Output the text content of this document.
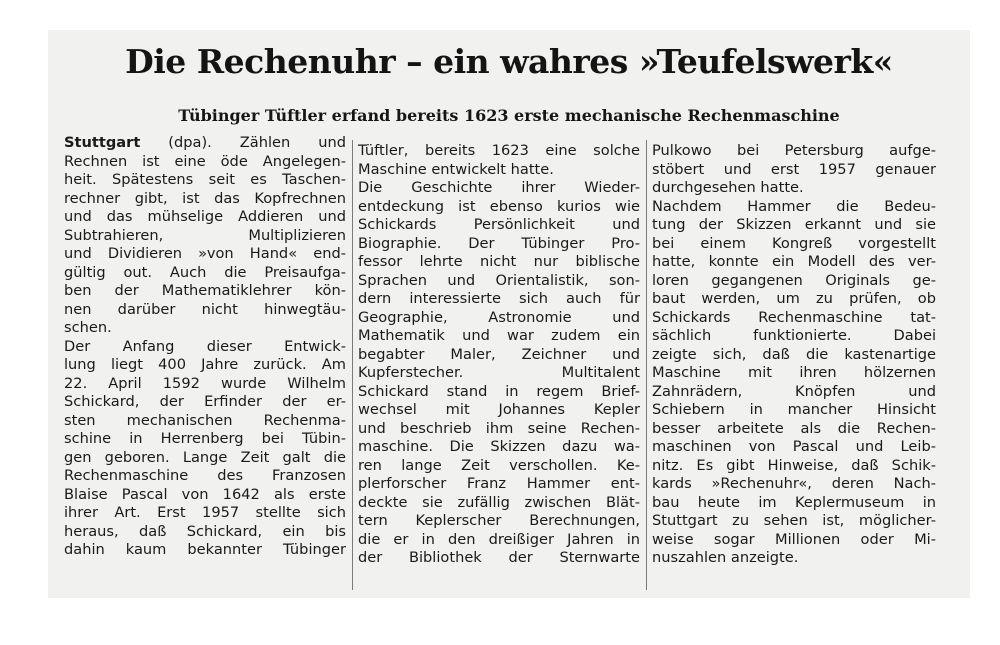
Die Rechenuhr – ein wahres »Teufelswerk«
Tübinger Tüftler erfand bereits 1623 erste mechanische Rechenmaschine

Stuttgart (dpa). Zählen und

Rechnen ist eine öde Angelegen-

heit. Spätestens seit es Taschen-

rechner gibt, ist das Kopfrechnen

und das mühselige Addieren und

Subtrahieren, Multiplizieren

und Dividieren »von Hand« end-

gültig out. Auch die Preisaufga-

ben der Mathematiklehrer kön-

nen darüber nicht hinwegtäu-

schen.

Der Anfang dieser Entwick-

lung liegt 400 Jahre zurück. Am

22. April 1592 wurde Wilhelm

Schickard, der Erfinder der er-

sten mechanischen Rechenma-

schine in Herrenberg bei Tübin-

gen geboren. Lange Zeit galt die

Rechenmaschine des Franzosen

Blaise Pascal von 1642 als erste

ihrer Art. Erst 1957 stellte sich

heraus, daß Schickard, ein bis

dahin kaum bekannter Tübinger

Tüftler, bereits 1623 eine solche

Maschine entwickelt hatte.

Die Geschichte ihrer Wieder-

entdeckung ist ebenso kurios wie

Schickards Persönlichkeit und

Biographie. Der Tübinger Pro-

fessor lehrte nicht nur biblische

Sprachen und Orientalistik, son-

dern interessierte sich auch für

Geographie, Astronomie und

Mathematik und war zudem ein

begabter Maler, Zeichner und

Kupferstecher. Multitalent

Schickard stand in regem Brief-

wechsel mit Johannes Kepler

und beschrieb ihm seine Rechen-

maschine. Die Skizzen dazu wa-

ren lange Zeit verschollen. Ke-

plerforscher Franz Hammer ent-

deckte sie zufällig zwischen Blät-

tern Keplerscher Berechnungen,

die er in den dreißiger Jahren in

der Bibliothek der Sternwarte

Pulkowo bei Petersburg aufge-

stöbert und erst 1957 genauer

durchgesehen hatte.

Nachdem Hammer die Bedeu-

tung der Skizzen erkannt und sie

bei einem Kongreß vorgestellt

hatte, konnte ein Modell des ver-

loren gegangenen Originals ge-

baut werden, um zu prüfen, ob

Schickards Rechenmaschine tat-

sächlich funktionierte. Dabei

zeigte sich, daß die kastenartige

Maschine mit ihren hölzernen

Zahnrädern, Knöpfen und

Schiebern in mancher Hinsicht

besser arbeitete als die Rechen-

maschinen von Pascal und Leib-

nitz. Es gibt Hinweise, daß Schik-

kards »Rechenuhr«, deren Nach-

bau heute im Keplermuseum in

Stuttgart zu sehen ist, möglicher-

weise sogar Millionen oder Mi-

nuszahlen anzeigte.
